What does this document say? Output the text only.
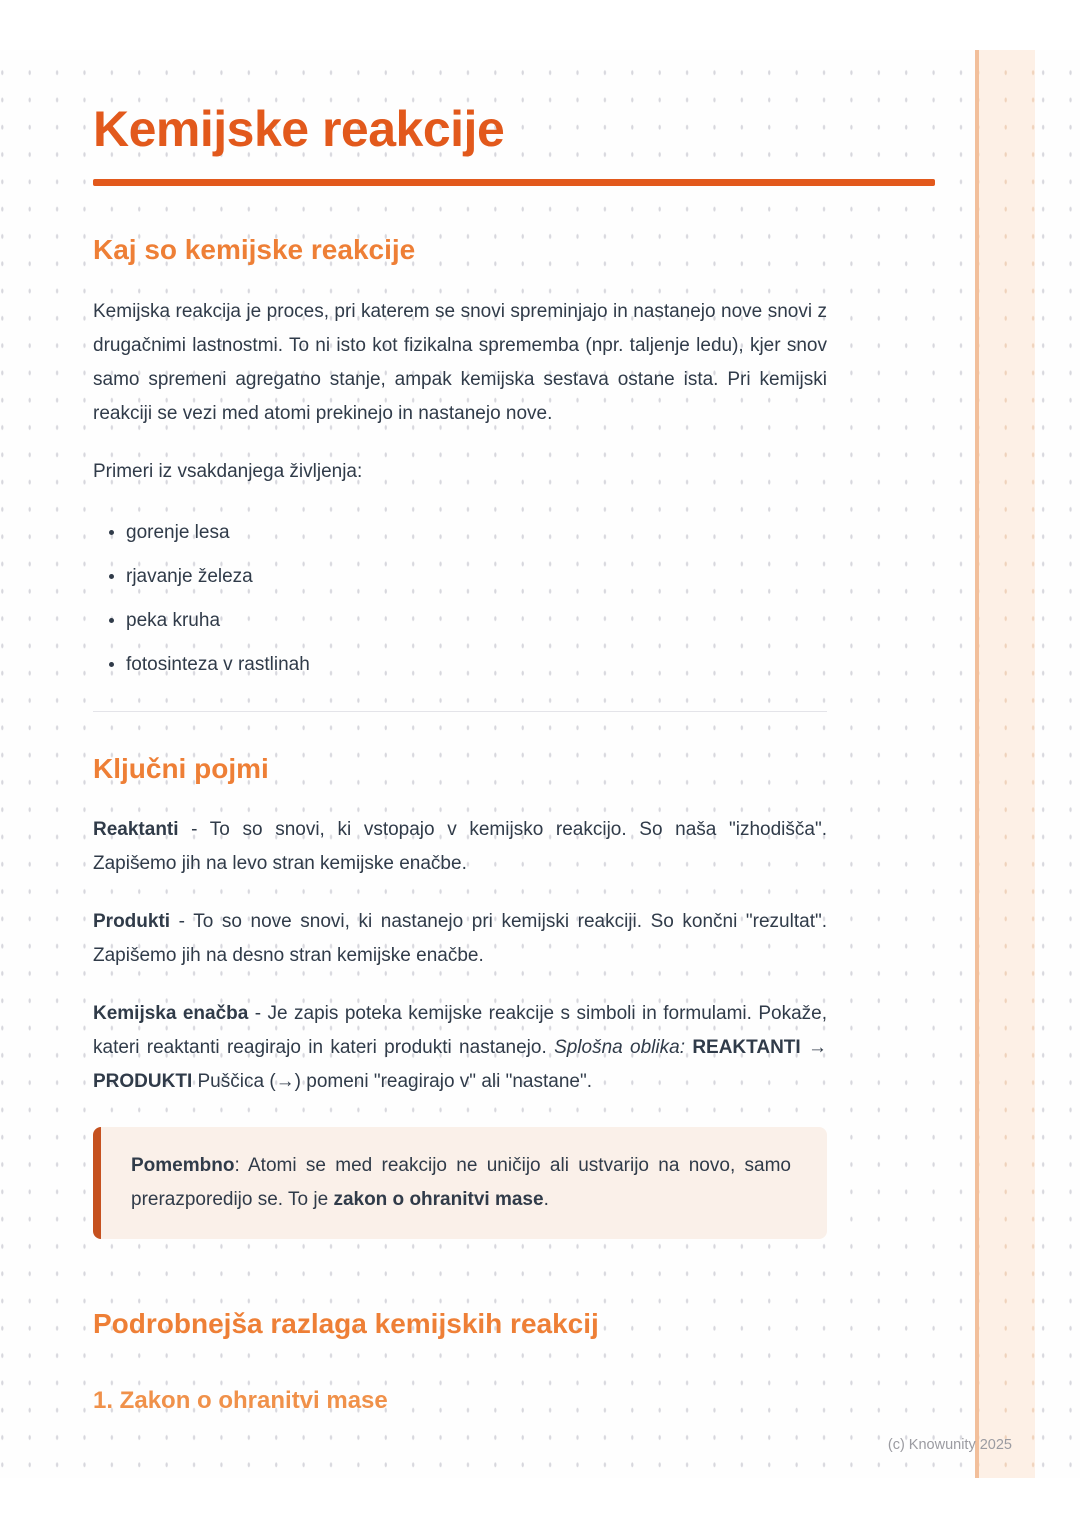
Kemijske reakcije
Kaj so kemijske reakcije

Kemijska reakcija je proces, pri katerem se snovi spreminjajo in nastanejo nove snovi z drugačnimi lastnostmi. To ni isto kot fizikalna sprememba (npr. taljenje ledu), kjer snov samo spremeni agregatno stanje, ampak kemijska sestava ostane ista. Pri kemijski reakciji se vezi med atomi prekinejo in nastanejo nove.

Primeri iz vsakdanjega življenja:

• gorenje lesa
• rjavanje železa
• peka kruha
• fotosinteza v rastlinah
Ključni pojmi

Reaktanti - To so snovi, ki vstopajo v kemijsko reakcijo. So naša "izhodišča". Zapišemo jih na levo stran kemijske enačbe.

Produkti - To so nove snovi, ki nastanejo pri kemijski reakciji. So končni "rezultat". Zapišemo jih na desno stran kemijske enačbe.

Kemijska enačba - Je zapis poteka kemijske reakcije s simboli in formulami. Pokaže, kateri reaktanti reagirajo in kateri produkti nastanejo. Splošna oblika: REAKTANTI → PRODUKTI Puščica (→) pomeni "reagirajo v" ali "nastane".

Pomembno: Atomi se med reakcijo ne uničijo ali ustvarijo na novo, samo prerazporedijo se. To je zakon o ohranitvi mase.

Podrobnejša razlaga kemijskih reakcij
1. Zakon o ohranitvi mase
(c) Knowunity 2025
